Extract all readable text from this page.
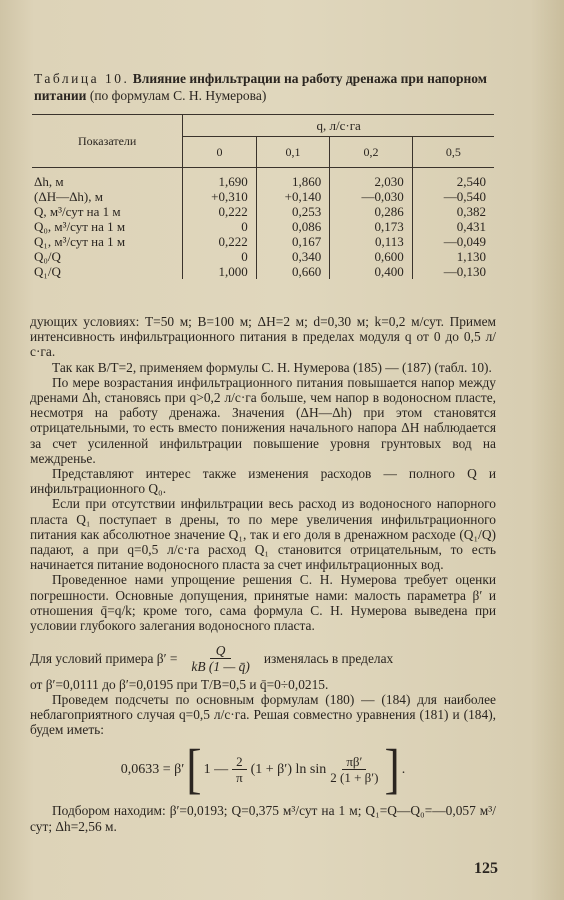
Таблица 10. Влияние инфильтрации на работу дренажа при напорном питании (по формулам С. Н. Нумерова)
Показатели	q, л/с·га			
	0	0,1	0,2	0,5
Δh, м	1,690	1,860	2,030	2,540
(ΔH—Δh), м	+0,310	+0,140	—0,030	—0,540
Q, м³/сут на 1 м	0,222	0,253	0,286	0,382
Q₀, м³/сут на 1 м	0	0,086	0,173	0,431
Q₁, м³/сут на 1 м	0,222	0,167	0,113	—0,049
Q₀/Q	0	0,340	0,600	1,130
Q₁/Q	1,000	0,660	0,400	—0,130

дующих условиях: T=50 м; B=100 м; ΔH=2 м; d=0,30 м; k=0,2 м/сут. Примем интенсивность инфильтрационного питания в пределах модуля q от 0 до 0,5 л/с·га.

Так как B/T=2, применяем формулы С. Н. Нумерова (185) — (187) (табл. 10).

По мере возрастания инфильтрационного питания повышается напор между дренами Δh, становясь при q>0,2 л/с·га больше, чем напор в водоносном пласте, несмотря на работу дренажа. Значения (ΔH—Δh) при этом становятся отрицательными, то есть вместо понижения начального напора ΔH наблюдается за счет усиленной инфильтрации повышение уровня грунтовых вод на междренье.

Представляют интерес также изменения расходов — полного Q и инфильтрационного Q₀.

Если при отсутствии инфильтрации весь расход из водоносного напорного пласта Q₁ поступает в дрены, то по мере увеличения инфильтрационного питания как абсолютное значение Q₁, так и его доля в дренажном расходе (Q₁/Q) падают, а при q=0,5 л/с·га расход Q₁ становится отрицательным, то есть начинается питание водоносного пласта за счет инфильтрационных вод.

Проведенное нами упрощение решения С. Н. Нумерова требует оценки погрешности. Основные допущения, принятые нами: малость параметра β′ и отношения q̄=q/k; кроме того, сама формула С. Н. Нумерова выведена при условии глубокого залегания водоносного пласта.

Для условий примера $\beta' = \frac{Q}{kB (1 — q̄)}$ изменялась в пределах

от β′=0,0111 до β′=0,0195 при T/B=0,5 и q̄=0÷0,0215.

Проведем подсчеты по основным формулам (180) — (184) для наиболее неблагоприятного случая q=0,5 л/с·га. Решая совместно уравнения (181) и (184), будем иметь:

0,0633 = β′ [ 1 — $\frac{2}{\pi} (1 + \beta')$ $\ln \sin \frac{\pi\beta'}{2 (1 + \beta')}$ ] .

Подбором находим: β′=0,0193; Q=0,375 м³/сут на 1 м; Q₁=Q—Q₀=—0,057 м³/сут; Δh=2,56 м.

125
